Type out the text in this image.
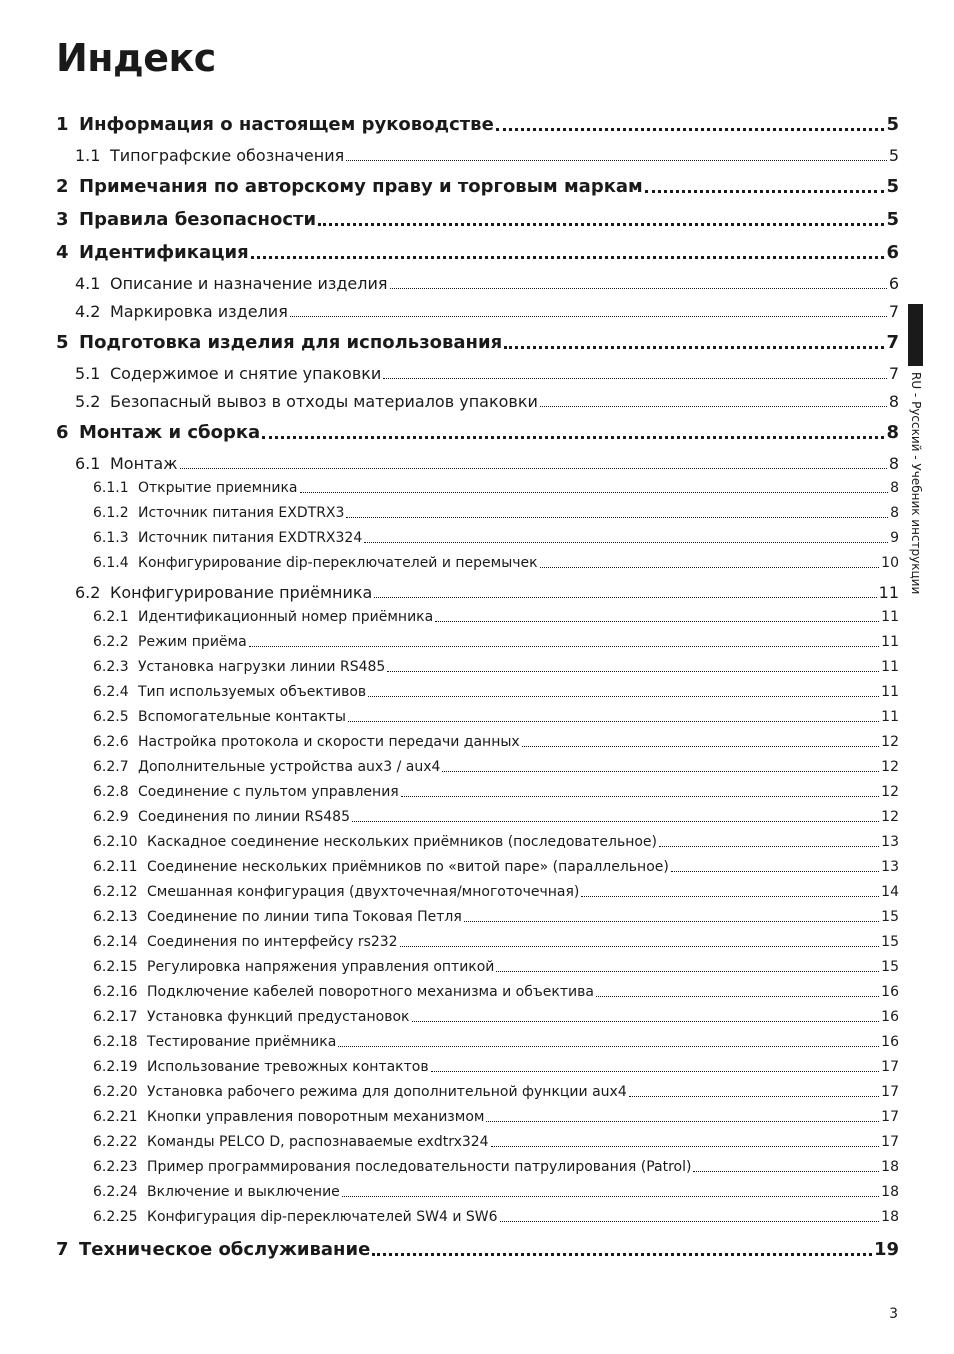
Индекс
1 Информация о настоящем руководстве	5
1.1 Типографские обозначения	5
2 Примечания по авторскому праву и торговым маркам	5
3 Правила безопасности	5
4 Идентификация	6
4.1 Описание и назначение изделия	6
4.2 Маркировка изделия	7
5 Подготовка изделия для использования	7
5.1 Содержимое и снятие упаковки	7
5.2 Безопасный вывоз в отходы материалов упаковки	8
6 Монтаж и сборка	8
6.1 Монтаж	8
6.1.1 Открытие приемника	8
6.1.2 Источник питания EXDTRX3	8
6.1.3 Источник питания EXDTRX324	9
6.1.4 Конфигурирование dip-переключателей и перемычек	10
6.2 Конфигурирование приёмника	11
6.2.1 Идентификационный номер приёмника	11
6.2.2 Режим приёма	11
6.2.3 Установка нагрузки линии RS485	11
6.2.4 Тип используемых объективов	11
6.2.5 Вспомогательные контакты	11
6.2.6 Настройка протокола и скорости передачи данных	12
6.2.7 Дополнительные устройства aux3 / aux4	12
6.2.8 Соединение с пультом управления	12
6.2.9 Соединения по линии RS485	12
6.2.10 Каскадное соединение нескольких приёмников (последовательное)	13
6.2.11 Соединение нескольких приёмников по «витой паре» (параллельное)	13
6.2.12 Смешанная конфигурация (двухточечная/многоточечная)	14
6.2.13 Соединение по линии типа Токовая Петля	15
6.2.14 Соединения по интерфейсу rs232	15
6.2.15 Регулировка напряжения управления оптикой	15
6.2.16 Подключение кабелей поворотного механизма и объектива	16
6.2.17 Установка функций предустановок	16
6.2.18 Тестирование приёмника	16
6.2.19 Использование тревожных контактов	17
6.2.20 Установка рабочего режима для дополнительной функции aux4	17
6.2.21 Кнопки управления поворотным механизмом	17
6.2.22 Команды PELCO D, распознаваемые exdtrx324	17
6.2.23 Пример программирования последовательности патрулирования (Patrol)	18
6.2.24 Включение и выключение	18
6.2.25 Конфигурация dip-переключателей SW4 и SW6	18
7 Техническое обслуживание	19
RU - Русский - Учебник инструкции
3
